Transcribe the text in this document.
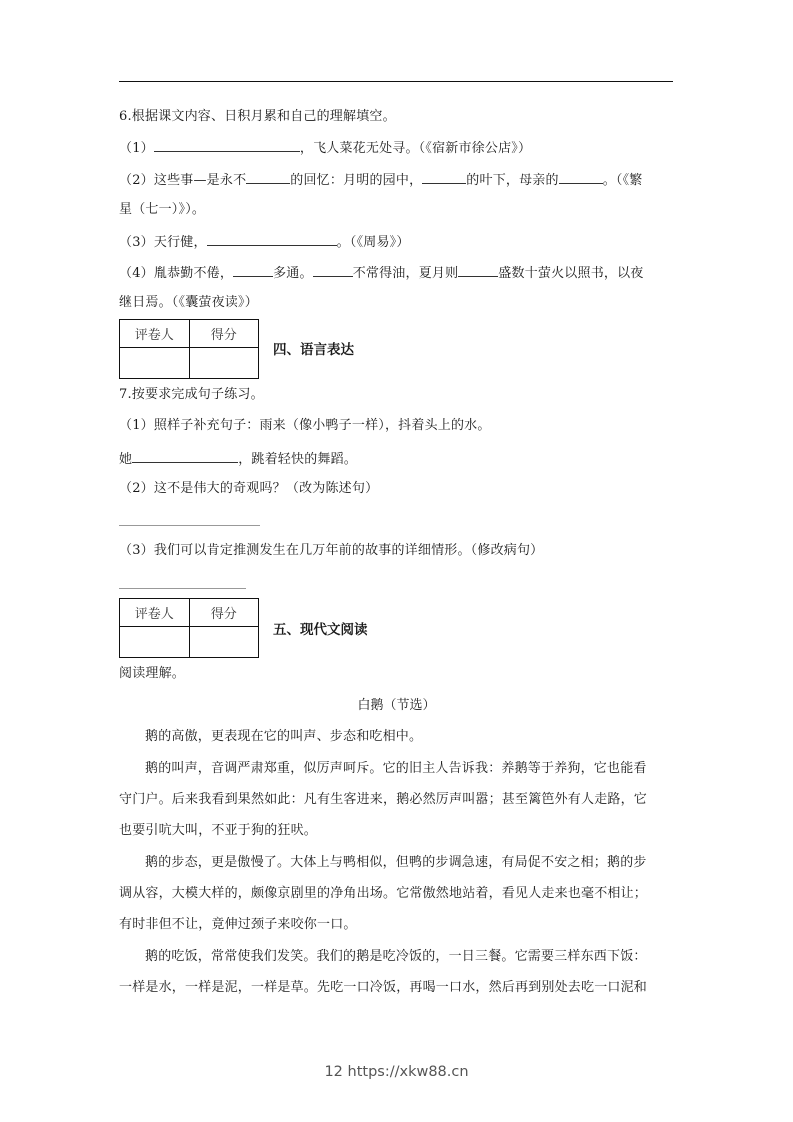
6.根据课文内容、日积月累和自己的理解填空。
（1）	，飞人菜花无处寻。（《宿新市徐公店》）
（2）这些事—是永不	的回忆：月明的园中，	的叶下，母亲的	。（《繁
星（七一）》）。
（3）天行健，	。（《周易》）
（4）胤恭勤不倦，	多通。	不常得油，夏月则	盛数十萤火以照书，以夜
继日焉。（《囊萤夜读》）
评卷人	得分

四、语言表达
7.按要求完成句子练习。
（1）照样子补充句子：雨来（像小鸭子一样），抖着头上的水。
她	，跳着轻快的舞蹈。
（2）这不是伟大的奇观吗？（改为陈述句）
（3）我们可以肯定推测发生在几万年前的故事的详细情形。（修改病句）
评卷人	得分

五、现代文阅读
阅读理解。
白鹅（节选）
鹅的高傲，更表现在它的叫声、步态和吃相中。
鹅的叫声，音调严肃郑重，似厉声呵斥。它的旧主人告诉我：养鹅等于养狗，它也能看
守门户。后来我看到果然如此：凡有生客进来，鹅必然厉声叫嚣；甚至篱笆外有人走路，它
也要引吭大叫，不亚于狗的狂吠。
鹅的步态，更是傲慢了。大体上与鸭相似，但鸭的步调急速，有局促不安之相；鹅的步
调从容，大模大样的，颇像京剧里的净角出场。它常傲然地站着，看见人走来也毫不相让；
有时非但不让，竟伸过颈子来咬你一口。
鹅的吃饭，常常使我们发笑。我们的鹅是吃冷饭的，一日三餐。它需要三样东西下饭：
一样是水，一样是泥，一样是草。先吃一口冷饭，再喝一口水，然后再到别处去吃一口泥和
12 https://xkw88.cn
